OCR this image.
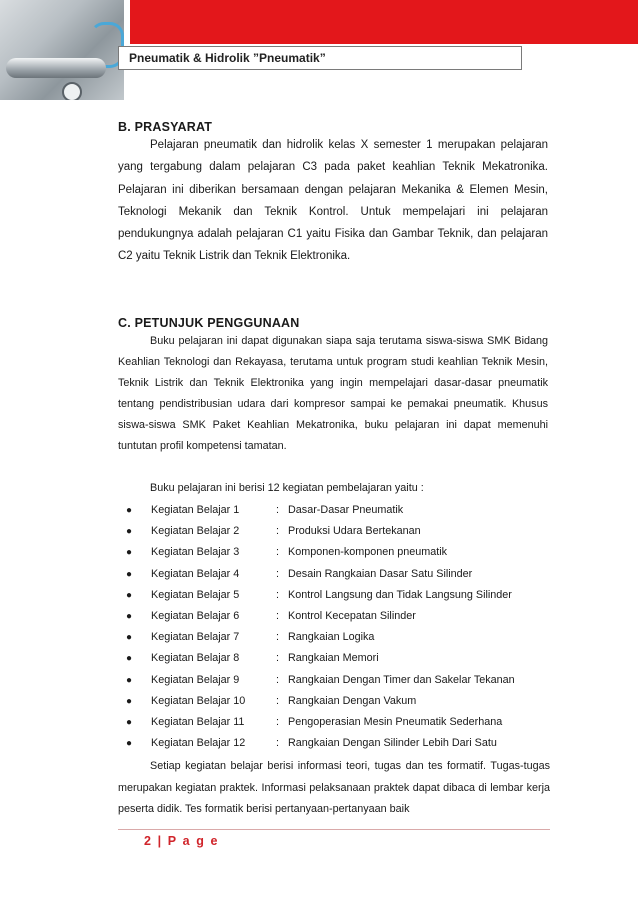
Pneumatik & Hidrolik ”Pneumatik”

B. PRASYARAT

Pelajaran pneumatik dan hidrolik kelas X semester 1 merupakan pelajaran yang tergabung dalam pelajaran C3 pada paket keahlian Teknik Mekatronika. Pelajaran ini diberikan bersamaan dengan pelajaran Mekanika & Elemen Mesin, Teknologi Mekanik dan Teknik Kontrol. Untuk mempelajari ini pelajaran pendukungnya adalah pelajaran C1 yaitu Fisika dan Gambar Teknik, dan pelajaran C2 yaitu Teknik Listrik dan Teknik Elektronika.

C. PETUNJUK PENGGUNAAN

Buku pelajaran ini dapat digunakan siapa saja terutama siswa-siswa SMK Bidang Keahlian Teknologi dan Rekayasa, terutama untuk program studi keahlian Teknik Mesin, Teknik Listrik dan Teknik Elektronika yang ingin mempelajari dasar-dasar pneumatik tentang pendistribusian udara dari kompresor sampai ke pemakai pneumatik. Khusus siswa-siswa SMK Paket Keahlian Mekatronika, buku pelajaran ini dapat memenuhi tuntutan profil kompetensi tamatan.

Buku pelajaran ini berisi 12 kegiatan pembelajaran yaitu :
● Kegiatan Belajar 1	: Dasar-Dasar Pneumatik
● Kegiatan Belajar 2	: Produksi Udara Bertekanan
● Kegiatan Belajar 3	: Komponen-komponen pneumatik
● Kegiatan Belajar 4	: Desain Rangkaian Dasar Satu Silinder
● Kegiatan Belajar 5	: Kontrol Langsung dan Tidak Langsung Silinder
● Kegiatan Belajar 6	: Kontrol Kecepatan Silinder
● Kegiatan Belajar 7	: Rangkaian Logika
● Kegiatan Belajar 8	: Rangkaian Memori
● Kegiatan Belajar 9	: Rangkaian Dengan Timer dan Sakelar Tekanan
● Kegiatan Belajar 10	: Rangkaian Dengan Vakum
● Kegiatan Belajar 11	: Pengoperasian Mesin Pneumatik Sederhana
● Kegiatan Belajar 12	: Rangkaian Dengan Silinder Lebih Dari Satu

Setiap kegiatan belajar berisi informasi teori, tugas dan tes formatif. Tugas-tugas merupakan kegiatan praktek. Informasi pelaksanaan praktek dapat dibaca di lembar kerja peserta didik. Tes formatik berisi pertanyaan-pertanyaan baik

2 | P a g e
